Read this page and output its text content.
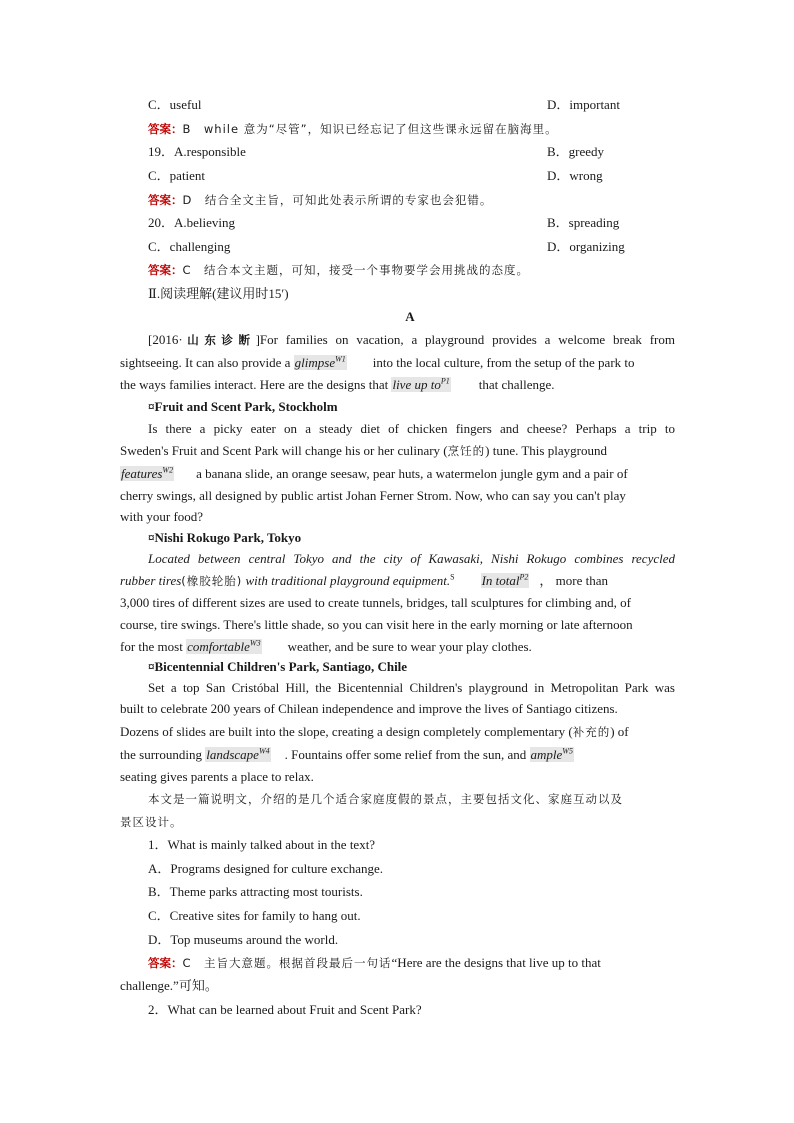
C．useful	D．important
答案：B　while 意为“尽管”，知识已经忘记了但这些课永远留在脑海里。
19．A.responsible	B．greedy
C．patient	D．wrong
答案：D　结合全文主旨，可知此处表示所谓的专家也会犯错。
20．A.believing	B．spreading
C．challenging	D．organizing
答案：C　结合本文主题，可知，接受一个事物要学会用挑战的态度。
Ⅱ.阅读理解(建议用时15′)
A
[2016·山东诊断]For families on vacation, a playground provides a welcome break from
sightseeing. It can also provide a glimpse$^{W1}$ into the local culture, from the setup of the park to
the ways families interact. Here are the designs that live up $to^{P1}$ that challenge.
¤Fruit and Scent Park, Stockholm
Is there a picky eater on a steady diet of chicken fingers and cheese? Perhaps a trip to
Sweden's Fruit and Scent Park will change his or her culinary (烹饪的) tune. This playground
features$^{W2}$ a banana slide, an orange seesaw, pear huts, a watermelon jungle gym and a pair of
cherry swings, all designed by public artist Johan Ferner Strom. Now, who can say you can't play
with your food?
¤Nishi Rokugo Park, Tokyo
Located between central Tokyo and the city of Kawasaki, Nishi Rokugo combines recycled
rubber tires(橡胶轮胎) with traditional playground equipment.$^S$ In total$^{P2}$ ， more than
3,000 tires of different sizes are used to create tunnels, bridges, tall sculptures for climbing and, of
course, tire swings. There's little shade, so you can visit here in the early morning or late afternoon
for the most comfortable$^{W3}$ weather, and be sure to wear your play clothes.
¤Bicentennial Children's Park, Santiago, Chile
Set a top San Cristóbal Hill, the Bicentennial Children's playground in Metropolitan Park was
built to celebrate 200 years of Chilean independence and improve the lives of Santiago citizens.
Dozens of slides are built into the slope, creating a design completely complementary (补充的) of
the surrounding landscape$^{W4}$ . Fountains offer some relief from the sun, and ample$^{W5}$
seating gives parents a place to relax.
本文是一篇说明文，介绍的是几个适合家庭度假的景点，主要包括文化、家庭互动以及
景区设计。
1．What is mainly talked about in the text?
A．Programs designed for culture exchange.
B．Theme parks attracting most tourists.
C．Creative sites for family to hang out.
D．Top museums around the world.
答案：C　主旨大意题。根据首段最后一句话“Here are the designs that live up to that
challenge.”可知。
2．What can be learned about Fruit and Scent Park?
